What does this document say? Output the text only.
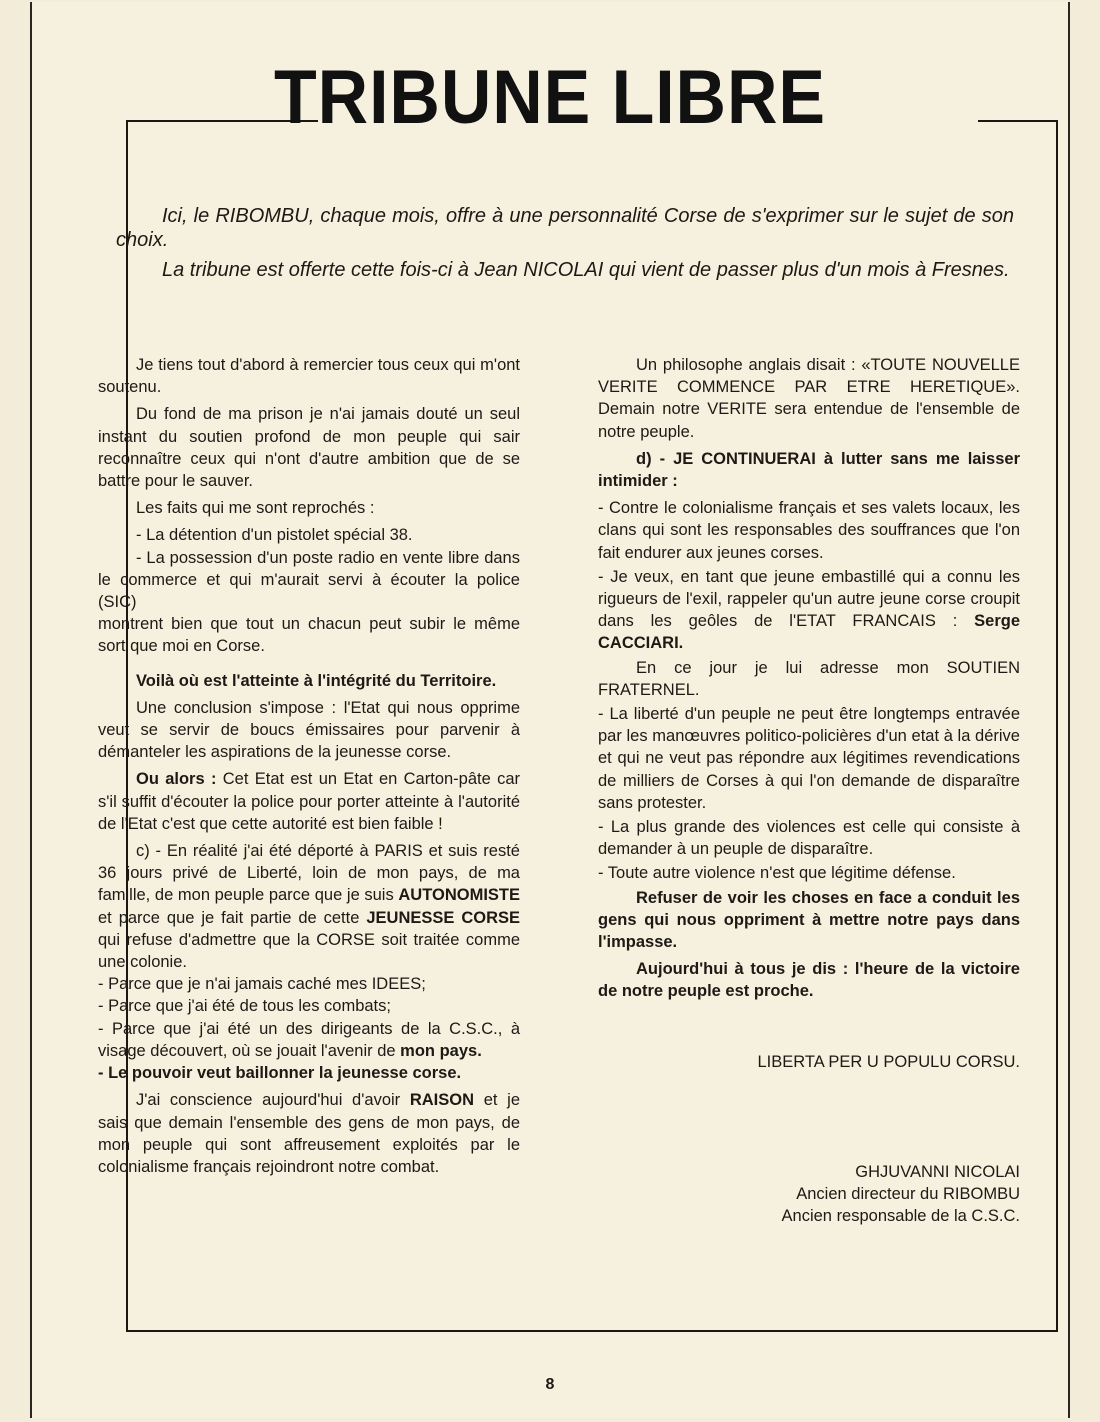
TRIBUNE LIBRE

Ici, le RIBOMBU, chaque mois, offre à une personnalité Corse de s'exprimer sur le sujet de son choix.

La tribune est offerte cette fois-ci à Jean NICOLAI qui vient de passer plus d'un mois à Fresnes.

Je tiens tout d'abord à remercier tous ceux qui m'ont soutenu.

Du fond de ma prison je n'ai jamais douté un seul instant du soutien profond de mon peuple qui sair reconnaître ceux qui n'ont d'autre ambition que de se battre pour le sauver.

Les faits qui me sont reprochés :

- La détention d'un pistolet spécial 38.

- La possession d'un poste radio en vente libre dans le commerce et qui m'aurait servi à écouter la police (SIC)

montrent bien que tout un chacun peut subir le même sort que moi en Corse.

Voilà où est l'atteinte à l'intégrité du Territoire.

Une conclusion s'impose : l'Etat qui nous opprime veut se servir de boucs émissaires pour parvenir à démanteler les aspirations de la jeunesse corse.

Ou alors : Cet Etat est un Etat en Carton-pâte car s'il suffit d'écouter la police pour porter atteinte à l'autorité de l'Etat c'est que cette autorité est bien faible !

c) - En réalité j'ai été déporté à PARIS et suis resté 36 jours privé de Liberté, loin de mon pays, de ma famille, de mon peuple parce que je suis AUTONOMISTE et parce que je fait partie de cette JEUNESSE CORSE qui refuse d'admettre que la CORSE soit traitée comme une colonie.

- Parce que je n'ai jamais caché mes IDEES;

- Parce que j'ai été de tous les combats;

- Parce que j'ai été un des dirigeants de la C.S.C., à visage découvert, où se jouait l'avenir de mon pays.

- Le pouvoir veut baillonner la jeunesse corse.

J'ai conscience aujourd'hui d'avoir RAISON et je sais que demain l'ensemble des gens de mon pays, de mon peuple qui sont affreusement exploités par le colonialisme français rejoindront notre combat.

Un philosophe anglais disait : «TOUTE NOUVELLE VERITE COMMENCE PAR ETRE HERETIQUE». Demain notre VERITE sera entendue de l'ensemble de notre peuple.

d) - JE CONTINUERAI à lutter sans me laisser intimider :

- Contre le colonialisme français et ses valets locaux, les clans qui sont les responsables des souffrances que l'on fait endurer aux jeunes corses.

- Je veux, en tant que jeune embastillé qui a connu les rigueurs de l'exil, rappeler qu'un autre jeune corse croupit dans les geôles de l'ETAT FRANCAIS : Serge CACCIARI.

En ce jour je lui adresse mon SOUTIEN FRATERNEL.

- La liberté d'un peuple ne peut être longtemps entravée par les manœuvres politico-policières d'un etat à la dérive et qui ne veut pas répondre aux légitimes revendications de milliers de Corses à qui l'on demande de disparaître sans protester.

- La plus grande des violences est celle qui consiste à demander à un peuple de disparaître.

- Toute autre violence n'est que légitime défense.

Refuser de voir les choses en face a conduit les gens qui nous oppriment à mettre notre pays dans l'impasse.

Aujourd'hui à tous je dis : l'heure de la victoire de notre peuple est proche.

LIBERTA PER U POPULU CORSU.

GHJUVANNI NICOLAI

Ancien directeur du RIBOMBU

Ancien responsable de la C.S.C.

8
